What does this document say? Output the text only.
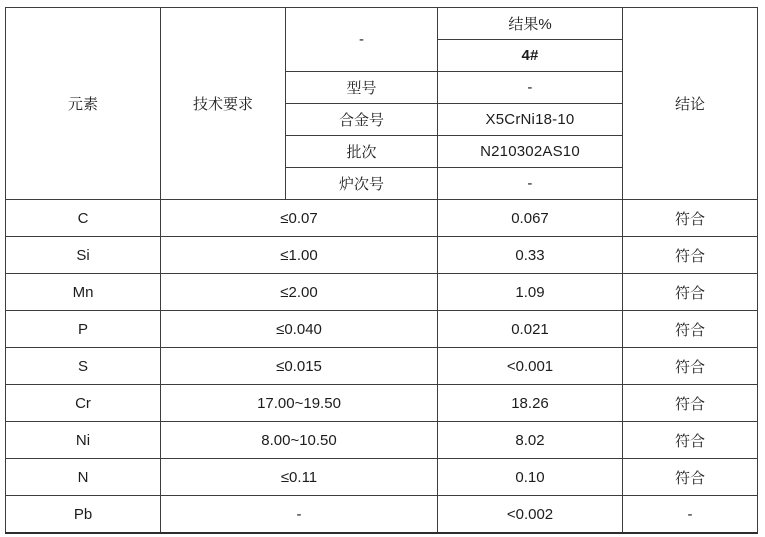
元素	技术要求	-	结果%	结论
			4#	
		型号	-	
		合金号	X5CrNi18-10	
		批次	N210302AS10	
		炉次号	-	
C	≤0.07		0.067	符合
Si	≤1.00		0.33	符合
Mn	≤2.00		1.09	符合
P	≤0.040		0.021	符合
S	≤0.015		<0.001	符合
Cr	17.00~19.50		18.26	符合
Ni	8.00~10.50		8.02	符合
N	≤0.11		0.10	符合
Pb	-		<0.002	-
